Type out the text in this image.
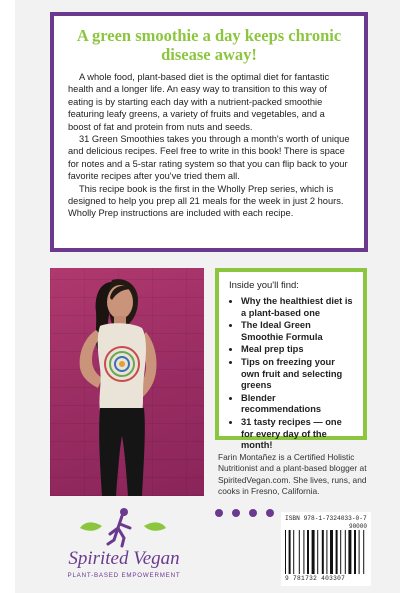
A green smoothie a day keeps chronic disease away!

A whole food, plant-based diet is the optimal diet for fantastic health and a longer life. An easy way to transition to this way of eating is by starting each day with a nutrient-packed smoothie featuring leafy greens, a variety of fruits and vegetables, and a boost of fat and protein from nuts and seeds.

31 Green Smoothies takes you through a month's worth of unique and delicious recipes. Feel free to write in this book! There is space for notes and a 5-star rating system so that you can flip back to your favorite recipes after you've tried them all.

This recipe book is the first in the Wholly Prep series, which is designed to help you prep all 21 meals for the week in just 2 hours. Wholly Prep instructions are included with each recipe.

Inside you'll find:

• Why the healthiest diet is a plant-based one
• The Ideal Green Smoothie Formula
• Meal prep tips
• Tips on freezing your own fruit and selecting greens
• Blender recommendations
• 31 tasty recipes — one for every day of the month!

Farin Montañez is a Certified Holistic Nutritionist and a plant-based blogger at SpiritedVegan.com. She lives, runs, and cooks in Fresno, California.

Spirited Vegan
PLANT-BASED EMPOWERMENT
ISBN 978-1-7324033-0-7
90000
9 781732 403307
